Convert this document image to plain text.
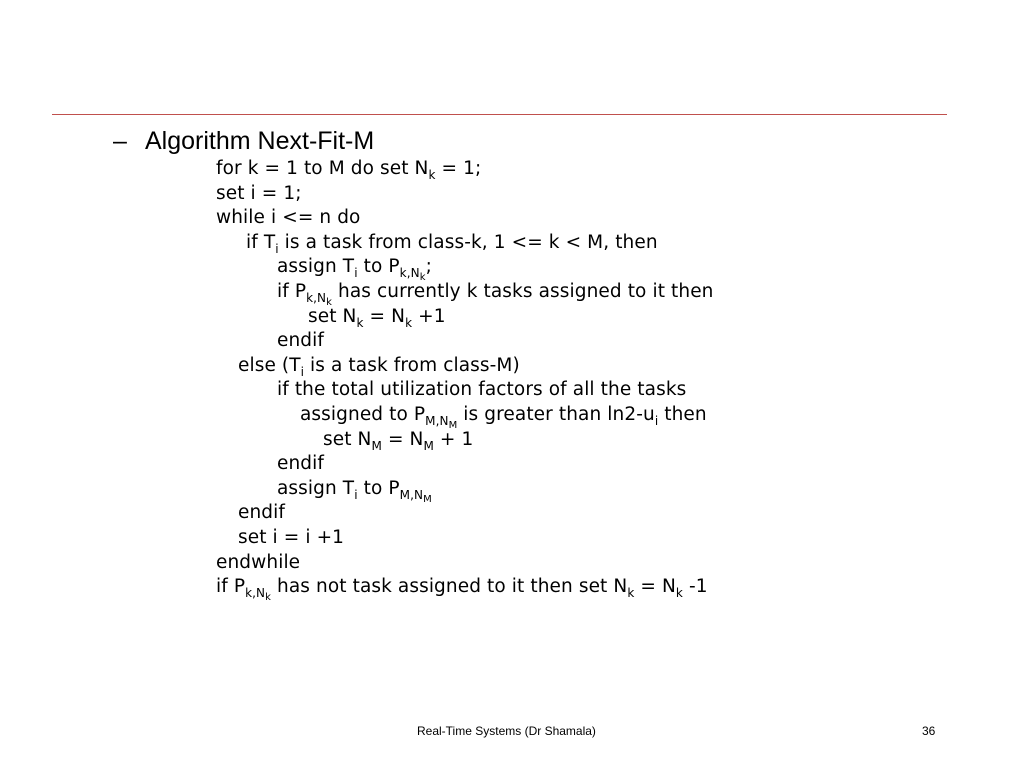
– Algorithm Next-Fit-M
for k = 1 to M do set $N_k = 1$;
set i = 1;
while i <= n do
if $T_i$ is a task from class-k, 1 <= k < M, then
assign $T_i$ to $P_{k,N_k}$;
if $P_{k,N_k}$ has currently k tasks assigned to it then
set $N_k = N_k +1$
endif
else ($T_i$ is a task from class-M)
if the total utilization factors of all the tasks
assigned to $P_{M,N_M}$ is greater than $\ln 2-u_i$ then
set $N_M = N_M + 1$
endif
assign $T_i$ to $P_{M,N_M}$
endif
set i = i +1
endwhile
if $P_{k,N_k}$ has not task assigned to it then set $N_k = N_k$ -1
Real-Time Systems (Dr Shamala)	36
